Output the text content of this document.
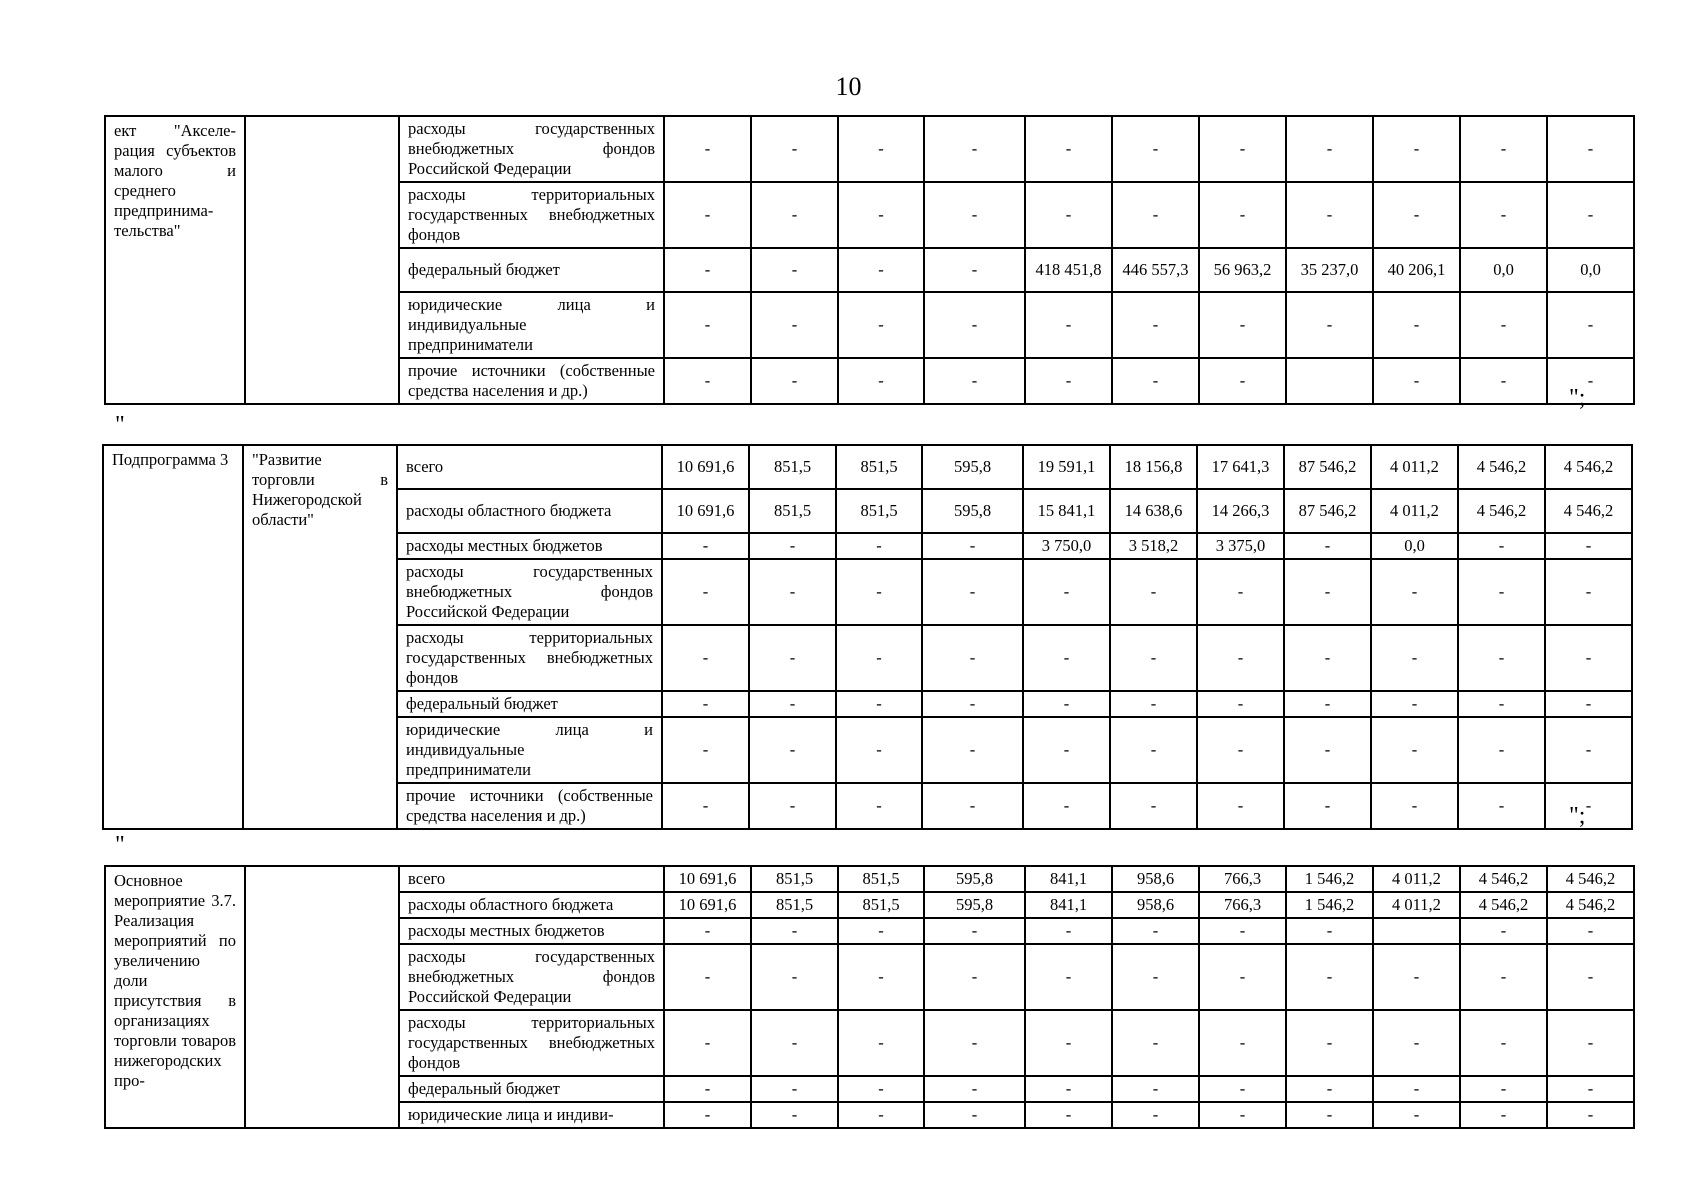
10
ект "Акселерация субъектов малого и среднего предпринимательства"		расходы государственных внебюджетных фондов Российской Федерации	-	-	-	-	-	-	-	-	-	-	-
		расходы территориальных государственных внебюджетных фондов	-	-	-	-	-	-	-	-	-	-	-
		федеральный бюджет	-	-	-	-	418 451,8	446 557,3	56 963,2	35 237,0	40 206,1	0,0	0,0
		юридические лица и индивидуальные предприниматели	-	-	-	-	-	-	-	-	-	-	-
		прочие источники (собственные средства населения и др.)	-	-	-	-	-	-	-		-	-	-
";
"
Подпрограмма 3	"Развитие торговли в Нижегородской области"	всего	10 691,6	851,5	851,5	595,8	19 591,1	18 156,8	17 641,3	87 546,2	4 011,2	4 546,2	4 546,2
		расходы областного бюджета	10 691,6	851,5	851,5	595,8	15 841,1	14 638,6	14 266,3	87 546,2	4 011,2	4 546,2	4 546,2
		расходы местных бюджетов	-	-	-	-	3 750,0	3 518,2	3 375,0	-	0,0	-	-
		расходы государственных внебюджетных фондов Российской Федерации	-	-	-	-	-	-	-	-	-	-	-
		расходы территориальных государственных внебюджетных фондов	-	-	-	-	-	-	-	-	-	-	-
		федеральный бюджет	-	-	-	-	-	-	-	-	-	-	-
		юридические лица и индивидуальные предприниматели	-	-	-	-	-	-	-	-	-	-	-
		прочие источники (собственные средства населения и др.)	-	-	-	-	-	-	-	-	-	-	-
";
"
Основное мероприятие 3.7. Реализация мероприятий по увеличению доли присутствия в организациях торговли товаров нижегородских про-		всего	10 691,6	851,5	851,5	595,8	841,1	958,6	766,3	1 546,2	4 011,2	4 546,2	4 546,2
		расходы областного бюджета	10 691,6	851,5	851,5	595,8	841,1	958,6	766,3	1 546,2	4 011,2	4 546,2	4 546,2
		расходы местных бюджетов	-	-	-	-	-	-	-	-		-	-
		расходы государственных внебюджетных фондов Российской Федерации	-	-	-	-	-	-	-	-	-	-	-
		расходы территориальных государственных внебюджетных фондов	-	-	-	-	-	-	-	-	-	-	-
		федеральный бюджет	-	-	-	-	-	-	-	-	-	-	-
		юридические лица и индиви-	-	-	-	-	-	-	-	-	-	-	-
